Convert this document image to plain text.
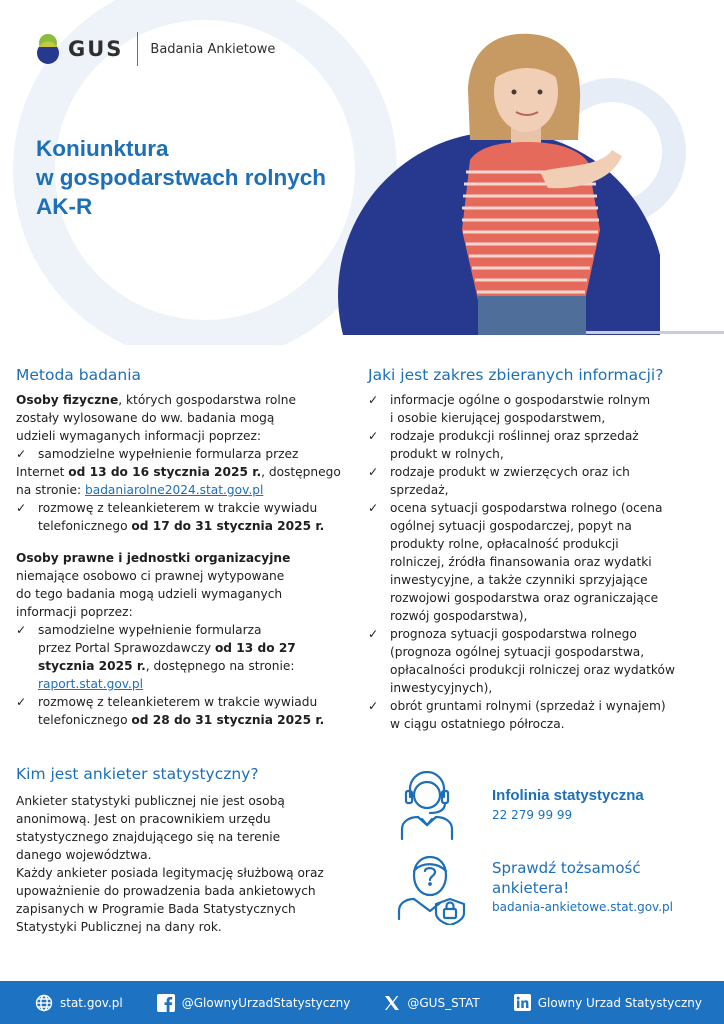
GUS Badania Ankietowe
Koniunktura
w gospodarstwach rolnych
AK-R
Metoda badania

Osoby fizyczne, których gospodarstwa rolne

zostały wylosowane do ww. badania mogą

udzieli wymaganych informacji poprzez:

✓ samodzielne wypełnienie formularza przez

Internet od 13 do 16 stycznia 2025 r., dostępnego

na stronie: badaniarolne2024.stat.gov.pl

✓ rozmowę z teleankieterem w trakcie wywiadu

telefonicznego od 17 do 31 stycznia 2025 r.

Osoby prawne i jednostki organizacyjne

niemające osobowo ci prawnej wytypowane

do tego badania mogą udzieli wymaganych

informacji poprzez:

✓ samodzielne wypełnienie formularza

przez Portal Sprawozdawczy od 13 do 27

stycznia 2025 r., dostępnego na stronie:

raport.stat.gov.pl

✓ rozmowę z teleankieterem w trakcie wywiadu

telefonicznego od 28 do 31 stycznia 2025 r.

Jaki jest zakres zbieranych informacji?

✓ informacje ogólne o gospodarstwie rolnym

i osobie kierującej gospodarstwem,

✓ rodzaje produkcji roślinnej oraz sprzedaż

produkt w rolnych,

✓ rodzaje produkt w zwierzęcych oraz ich

sprzedaż,

✓ ocena sytuacji gospodarstwa rolnego (ocena

ogólnej sytuacji gospodarczej, popyt na

produkty rolne, opłacalność produkcji

rolniczej, źródła finansowania oraz wydatki

inwestycyjne, a także czynniki sprzyjające

rozwojowi gospodarstwa oraz ograniczające

rozwój gospodarstwa),

✓ prognoza sytuacji gospodarstwa rolnego

(prognoza ogólnej sytuacji gospodarstwa,

opłacalności produkcji rolniczej oraz wydatków

inwestycyjnych),

✓ obrót gruntami rolnymi (sprzedaż i wynajem)

w ciągu ostatniego półrocza.

Kim jest ankieter statystyczny?

Ankieter statystyki publicznej nie jest osobą

anonimową. Jest on pracownikiem urzędu

statystycznego znajdującego się na terenie

danego województwa.

Każdy ankieter posiada legitymację służbową oraz

upoważnienie do prowadzenia bada ankietowych

zapisanych w Programie Bada Statystycznych

Statystyki Publicznej na dany rok.

Infolinia statystyczna
22 279 99 99
Sprawdź tożsamość
ankietera!
badania-ankietowe.stat.gov.pl
stat.gov.pl	@GlownyUrzadStatystyczny	@GUS_STAT	Glowny Urzad Statystyczny
